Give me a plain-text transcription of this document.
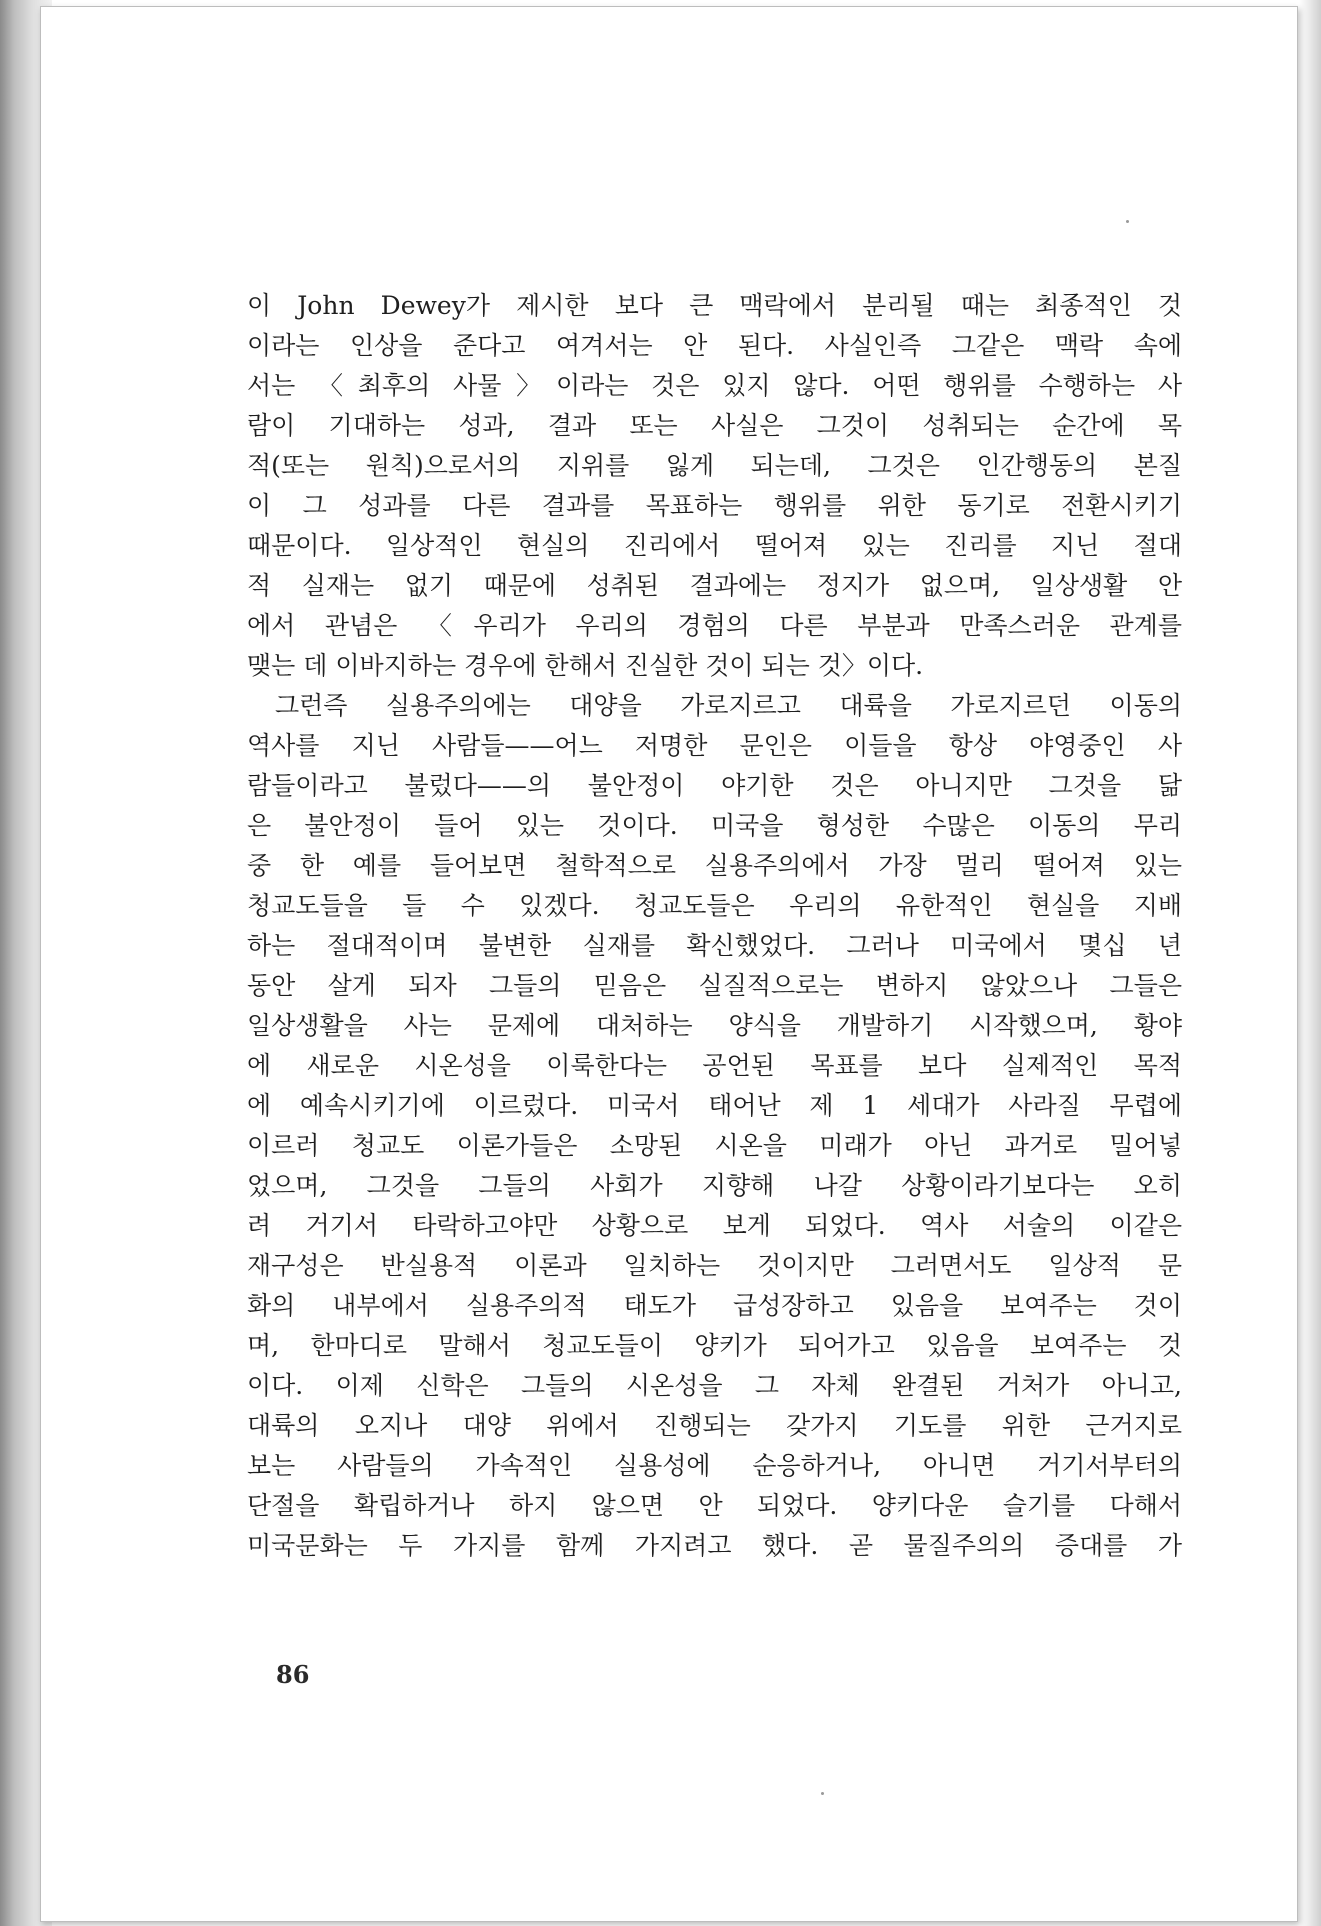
이 John Dewey가 제시한 보다 큰 맥락에서 분리될 때는 최종적인 것
이라는 인상을 준다고 여겨서는 안 된다. 사실인즉 그같은 맥락 속에
서는 〈최후의 사물〉이라는 것은 있지 않다. 어떤 행위를 수행하는 사
람이 기대하는 성과, 결과 또는 사실은 그것이 성취되는 순간에 목
적(또는 원칙)으로서의 지위를 잃게 되는데, 그것은 인간행동의 본질
이 그 성과를 다른 결과를 목표하는 행위를 위한 동기로 전환시키기
때문이다. 일상적인 현실의 진리에서 떨어져 있는 진리를 지닌 절대
적 실재는 없기 때문에 성취된 결과에는 정지가 없으며, 일상생활 안
에서 관념은 〈우리가 우리의 경험의 다른 부분과 만족스러운 관계를
맺는 데 이바지하는 경우에 한해서 진실한 것이 되는 것〉이다.
그런즉 실용주의에는 대양을 가로지르고 대륙을 가로지르던 이동의
역사를 지닌 사람들——어느 저명한 문인은 이들을 항상 야영중인 사
람들이라고 불렀다——의 불안정이 야기한 것은 아니지만 그것을 닮
은 불안정이 들어 있는 것이다. 미국을 형성한 수많은 이동의 무리
중 한 예를 들어보면 철학적으로 실용주의에서 가장 멀리 떨어져 있는
청교도들을 들 수 있겠다. 청교도들은 우리의 유한적인 현실을 지배
하는 절대적이며 불변한 실재를 확신했었다. 그러나 미국에서 몇십 년
동안 살게 되자 그들의 믿음은 실질적으로는 변하지 않았으나 그들은
일상생활을 사는 문제에 대처하는 양식을 개발하기 시작했으며, 황야
에 새로운 시온성을 이룩한다는 공언된 목표를 보다 실제적인 목적
에 예속시키기에 이르렀다. 미국서 태어난 제 1 세대가 사라질 무렵에
이르러 청교도 이론가들은 소망된 시온을 미래가 아닌 과거로 밀어넣
었으며, 그것을 그들의 사회가 지향해 나갈 상황이라기보다는 오히
려 거기서 타락하고야만 상황으로 보게 되었다. 역사 서술의 이같은
재구성은 반실용적 이론과 일치하는 것이지만 그러면서도 일상적 문
화의 내부에서 실용주의적 태도가 급성장하고 있음을 보여주는 것이
며, 한마디로 말해서 청교도들이 양키가 되어가고 있음을 보여주는 것
이다. 이제 신학은 그들의 시온성을 그 자체 완결된 거처가 아니고,
대륙의 오지나 대양 위에서 진행되는 갖가지 기도를 위한 근거지로
보는 사람들의 가속적인 실용성에 순응하거나, 아니면 거기서부터의
단절을 확립하거나 하지 않으면 안 되었다. 양키다운 슬기를 다해서
미국문화는 두 가지를 함께 가지려고 했다. 곧 물질주의의 증대를 가
86
